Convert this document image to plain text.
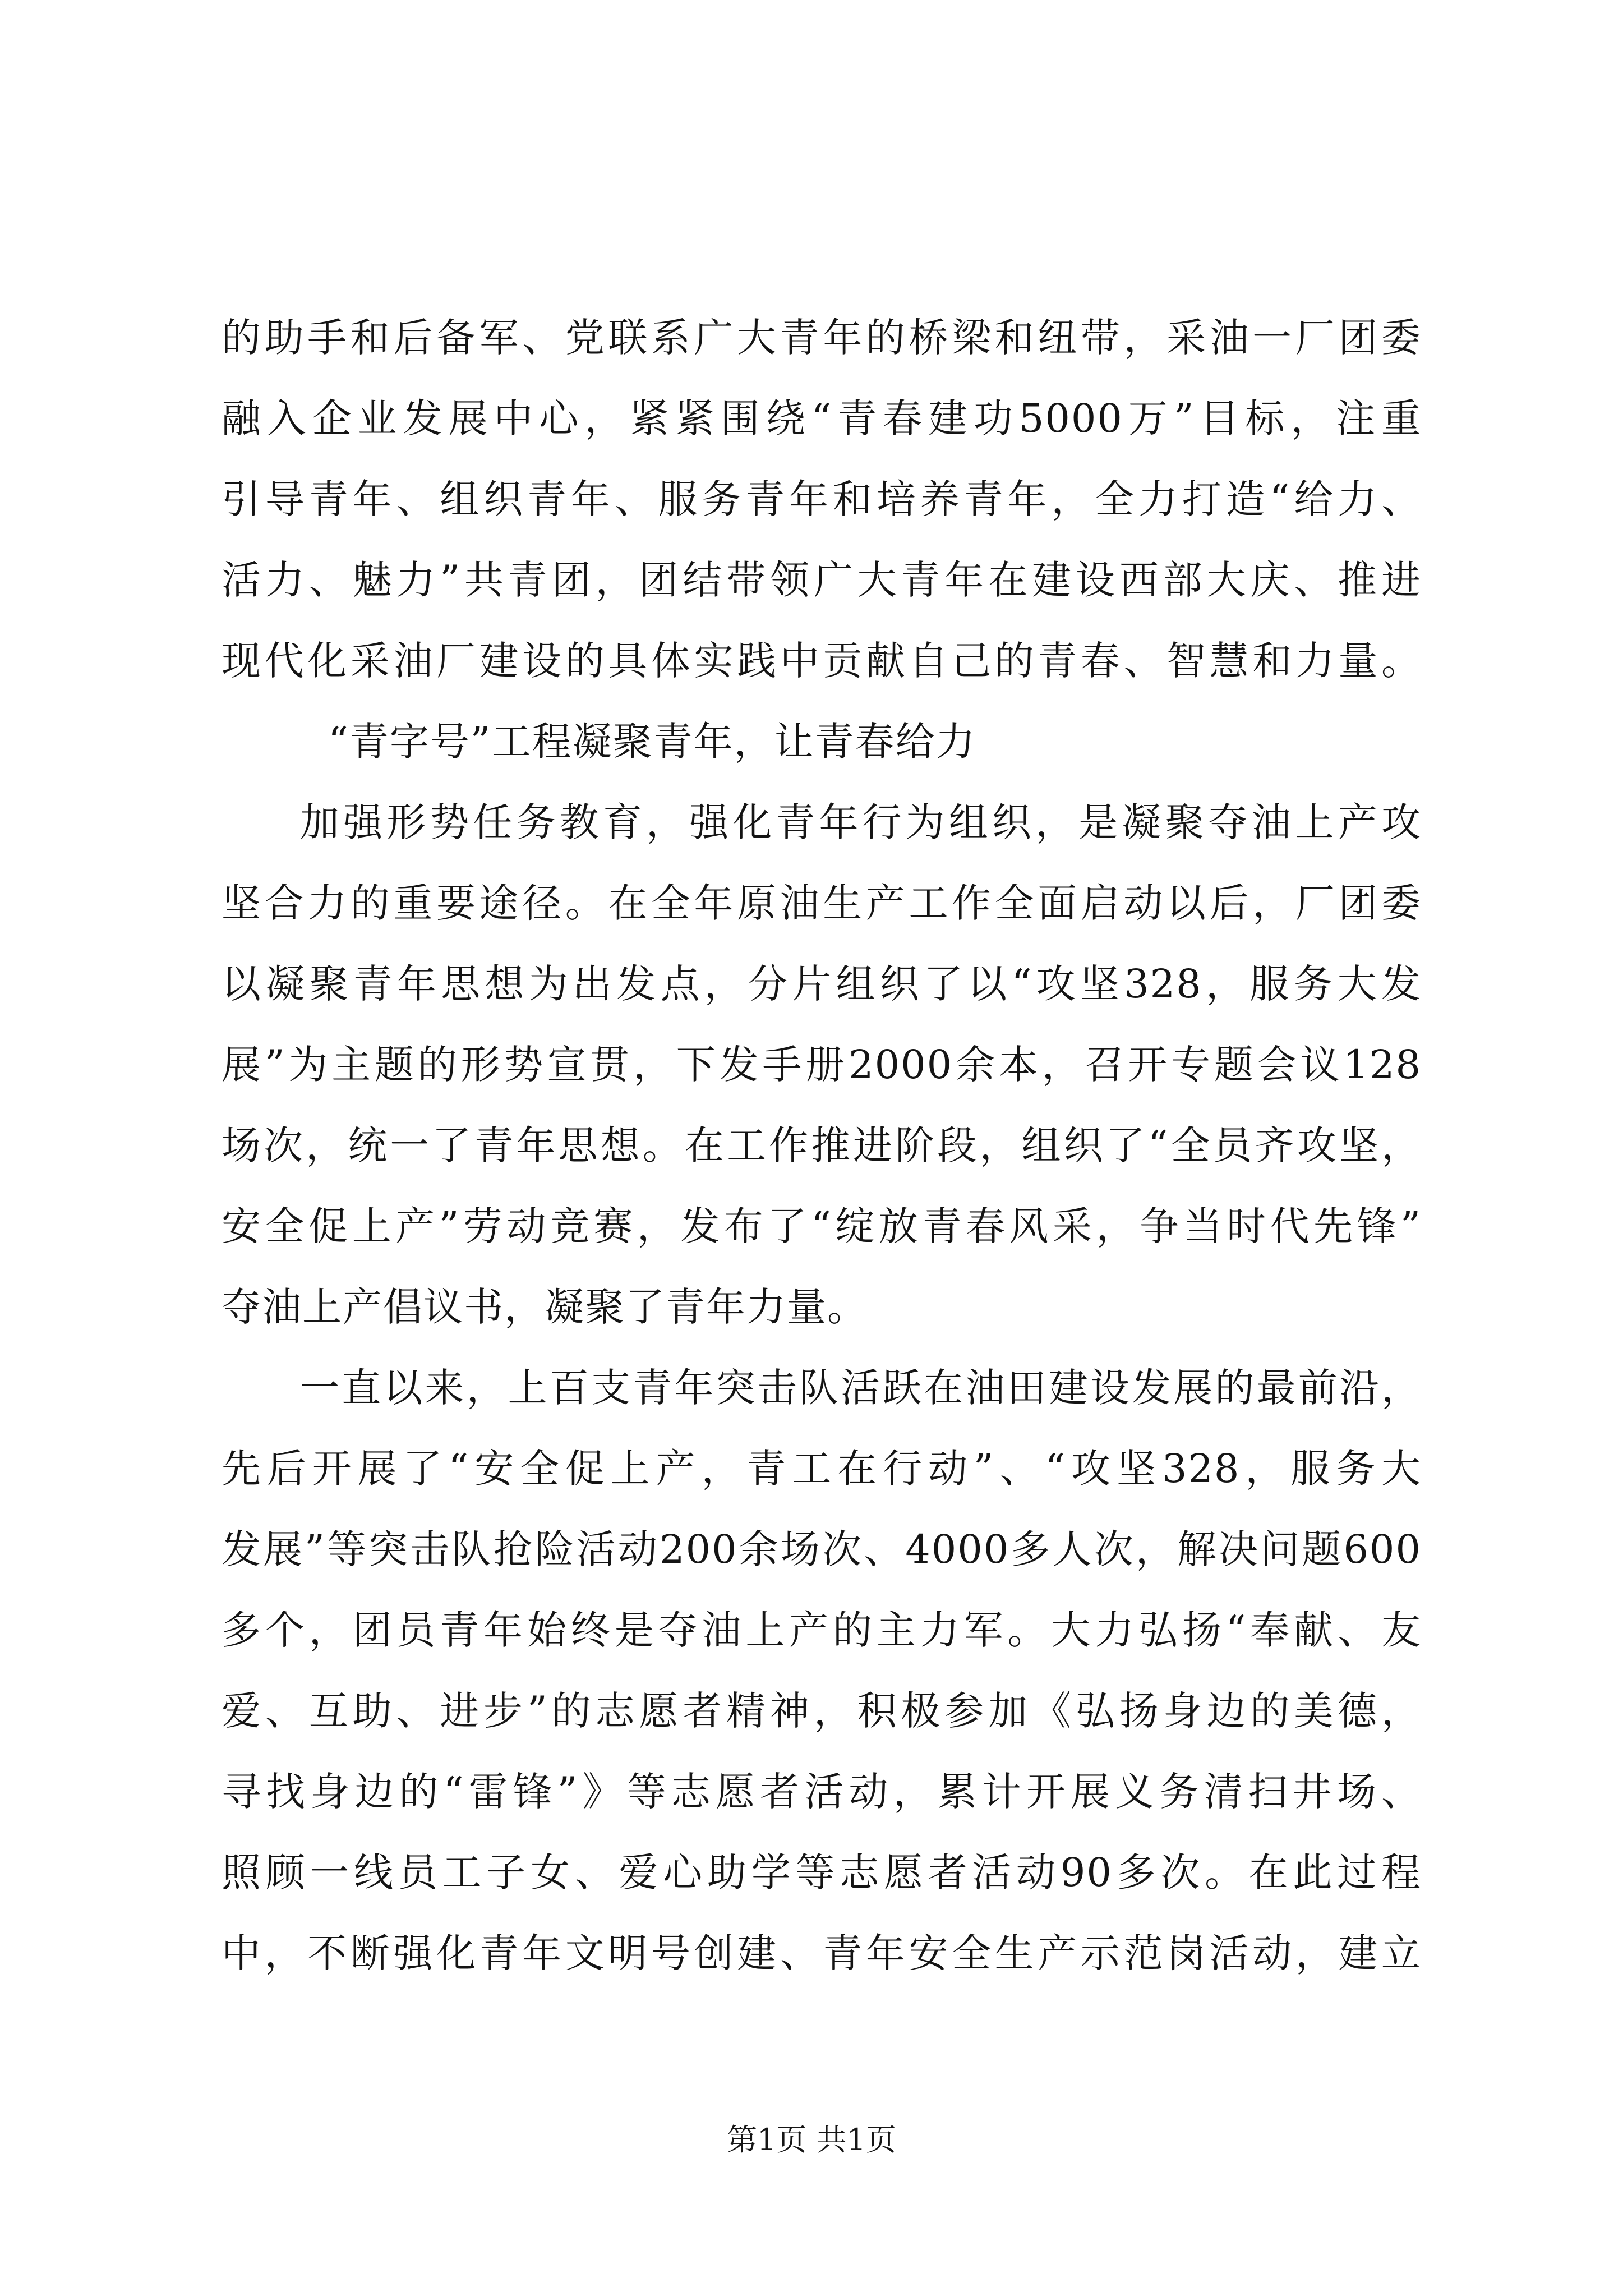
的助手和后备军、党联系广大青年的桥梁和纽带，采油一厂团委
融入企业发展中心，紧紧围绕“青春建功5000万”目标，注重
引导青年、组织青年、服务青年和培养青年，全力打造“给力、
活力、魅力”共青团，团结带领广大青年在建设西部大庆、推进
现代化采油厂建设的具体实践中贡献自己的青春、智慧和力量。
“青字号”工程凝聚青年，让青春给力
加强形势任务教育，强化青年行为组织，是凝聚夺油上产攻
坚合力的重要途径。在全年原油生产工作全面启动以后，厂团委
以凝聚青年思想为出发点，分片组织了以“攻坚328，服务大发
展”为主题的形势宣贯，下发手册2000余本，召开专题会议128
场次，统一了青年思想。在工作推进阶段，组织了“全员齐攻坚，
安全促上产”劳动竞赛，发布了“绽放青春风采，争当时代先锋”
夺油上产倡议书，凝聚了青年力量。
一直以来，上百支青年突击队活跃在油田建设发展的最前沿，
先后开展了“安全促上产，青工在行动”、“攻坚328，服务大
发展”等突击队抢险活动200余场次、4000多人次，解决问题600
多个，团员青年始终是夺油上产的主力军。大力弘扬“奉献、友
爱、互助、进步”的志愿者精神，积极参加《弘扬身边的美德，
寻找身边的“雷锋”》等志愿者活动，累计开展义务清扫井场、
照顾一线员工子女、爱心助学等志愿者活动90多次。在此过程
中，不断强化青年文明号创建、青年安全生产示范岗活动，建立
第1页 共1页
